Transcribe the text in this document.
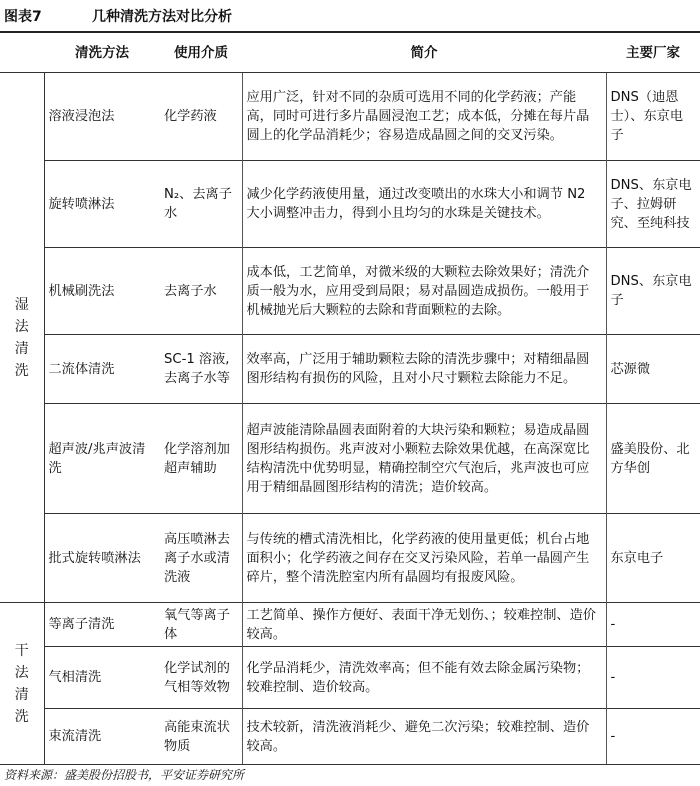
图表7	几种清洗方法对比分析
	清洗方法	使用介质	简介	主要厂家

湿
法
清
洗	溶液浸泡法	化学药液	应用广泛，针对不同的杂质可选用不同的化学药液；产能高，同时可进行多片晶圆浸泡工艺；成本低，分摊在每片晶圆上的化学品消耗少；容易造成晶圆之间的交叉污染。	DNS（迪恩士）、东京电子
	旋转喷淋法	N₂、去离子水	减少化学药液使用量，通过改变喷出的水珠大小和调节 N2 大小调整冲击力，得到小且均匀的水珠是关键技术。	DNS、东京电子、拉姆研究、至纯科技
	机械刷洗法	去离子水	成本低，工艺简单，对微米级的大颗粒去除效果好；清洗介质一般为水，应用受到局限；易对晶圆造成损伤。一般用于机械抛光后大颗粒的去除和背面颗粒的去除。	DNS、东京电子
	二流体清洗	SC-1 溶液,去离子水等	效率高，广泛用于辅助颗粒去除的清洗步骤中；对精细晶圆图形结构有损伤的风险，且对小尺寸颗粒去除能力不足。	芯源微
	超声波/兆声波清洗	化学溶剂加超声辅助	超声波能清除晶圆表面附着的大块污染和颗粒；易造成晶圆图形结构损伤。兆声波对小颗粒去除效果优越，在高深宽比结构清洗中优势明显，精确控制空穴气泡后，兆声波也可应用于精细晶圆图形结构的清洗；造价较高。	盛美股份、北方华创
	批式旋转喷淋法	高压喷淋去离子水或清洗液	与传统的槽式清洗相比，化学药液的使用量更低；机台占地面积小；化学药液之间存在交叉污染风险，若单一晶圆产生碎片，整个清洗腔室内所有晶圆均有报废风险。	东京电子

干
法
清
洗	等离子清洗	氧气等离子体	工艺简单、操作方便好、表面干净无划伤、；较难控制、造价较高。	-
	气相清洗	化学试剂的气相等效物	化学品消耗少，清洗效率高；但不能有效去除金属污染物；较难控制、造价较高。	-
	束流清洗	高能束流状物质	技术较新，清洗液消耗少、避免二次污染；较难控制、造价较高。	-
资料来源：盛美股份招股书，平安证券研究所
